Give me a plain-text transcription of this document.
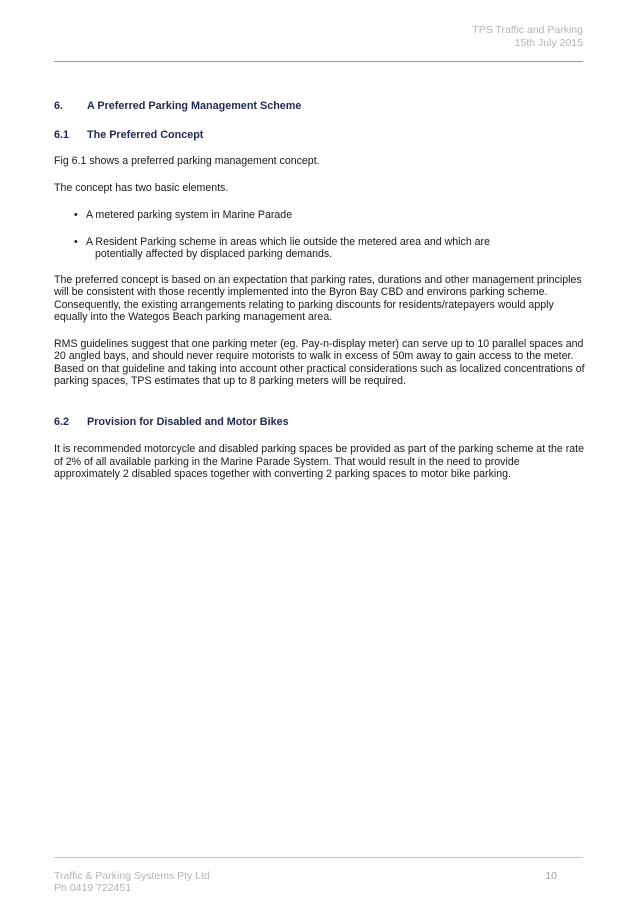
TPS Traffic and Parking
15th July 2015
6.	A Preferred Parking Management Scheme
6.1	The Preferred Concept

Fig 6.1 shows a preferred parking management concept.

The concept has two basic elements.

• A metered parking system in Marine Parade
• A Resident Parking scheme in areas which lie outside the metered area and which are
potentially affected by displaced parking demands.

The preferred concept is based on an expectation that parking rates, durations and other management principles will be consistent with those recently implemented into the Byron Bay CBD and environs parking scheme. Consequently, the existing arrangements relating to parking discounts for residents/ratepayers would apply equally into the Wategos Beach parking management area.

RMS guidelines suggest that one parking meter (eg. Pay-n-display meter) can serve up to 10 parallel spaces and 20 angled bays, and should never require motorists to walk in excess of 50m away to gain access to the meter. Based on that guideline and taking into account other practical considerations such as localized concentrations of parking spaces, TPS estimates that up to 8 parking meters will be required.

6.2	Provision for Disabled and Motor Bikes

It is recommended motorcycle and disabled parking spaces be provided as part of the parking scheme at the rate of 2% of all available parking in the Marine Parade System. That would result in the need to provide approximately 2 disabled spaces together with converting 2 parking spaces to motor bike parking.

Traffic & Parking Systems Pty Ltd
Ph 0419 722451
10
